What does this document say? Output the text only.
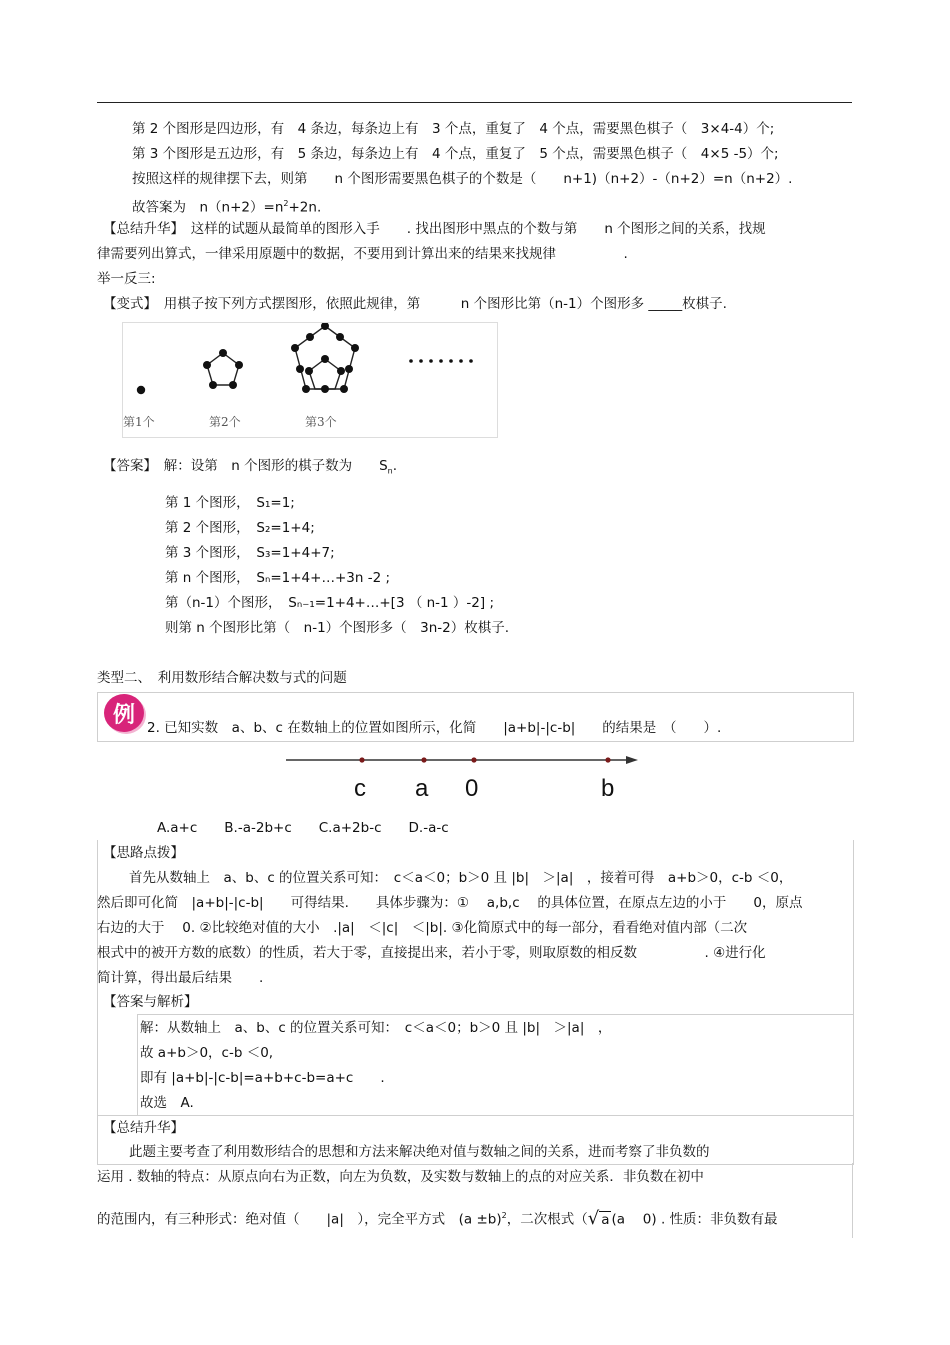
第 2 个图形是四边形，有　4 条边，每条边上有　3 个点，重复了　4 个点，需要黑色棋子（　3×4-4）个;
第 3 个图形是五边形，有　5 条边，每条边上有　4 个点，重复了　5 个点，需要黑色棋子（　4×5 -5）个;
按照这样的规律摆下去，则第　　n 个图形需要黑色棋子的个数是（　　n+1)（n+2）-（n+2）=n（n+2）.
故答案为　$n(n+2)=n^2+2n$.
【总结升华】　这样的试题从最简单的图形入手　　. 找出图形中黑点的个数与第　　n 个图形之间的关系，找规
律需要列出算式，一律采用原题中的数据，不要用到计算出来的结果来找规律　　　　　.
举一反三:
【变式】　用棋子按下列方式摆图形，依照此规律，第　　　n 个图形比第（n-1）个图形多 _____枚棋子.
第1个	第2个	第3个
【答案】　解：设第　n 个图形的棋子数为　　$S_n$.
第 1 个图形，　S₁=1;
第 2 个图形，　S₂=1+4;
第 3 个图形，　S₃=1+4+7;
第 n 个图形，　Sₙ=1+4+…+3n -2 ;
第（n-1）个图形，　Sₙ₋₁=1+4+…+[3 （ n-1 ）-2] ;
则第 n 个图形比第（　n-1）个图形多（　3n-2）枚棋子.
类型二、　利用数形结合解决数与式的问题
例
2. 已知实数　a、b、c 在数轴上的位置如图所示，化简　　|a+b|-|c-b|　　的结果是　（　　）.
c a 0	b
A.a+c　　B.-a-2b+c　　C.a+2b-c　　D.-a-c
【思路点拨】
首先从数轴上　a、b、c 的位置关系可知：　c＜a＜0；b＞0 且 |b|　＞|a|　，接着可得　a+b＞0，c-b ＜0，
然后即可化简　|a+b|-|c-b|　　可得结果.　　具体步骤为：①　 a,b,c　 的具体位置，在原点左边的小于　　0，原点
右边的大于　 0. ②比较绝对值的大小　.|a|　＜|c|　＜|b|. ③化简原式中的每一部分，看看绝对值内部（二次
根式中的被开方数的底数）的性质，若大于零，直接提出来，若小于零，则取原数的相反数　　　　　. ④进行化
简计算，得出最后结果　　.
【答案与解析】
解：从数轴上　a、b、c 的位置关系可知：　c＜a＜0；b＞0 且 |b|　＞|a|　，
故 a+b＞0，c-b ＜0,
即有 |a+b|-|c-b|=a+b+c-b=a+c　　.
故选　A.
【总结升华】
此题主要考查了利用数形结合的思想和方法来解决绝对值与数轴之间的关系，进而考察了非负数的
运用 . 数轴的特点：从原点向右为正数，向左为负数，及实数与数轴上的点的对应关系．非负数在初中
的范围内，有三种形式：绝对值（　　|a|　），完全平方式　$(a \pm b)^2$，二次根式（√ a (a　 0) . 性质：非负数有最
